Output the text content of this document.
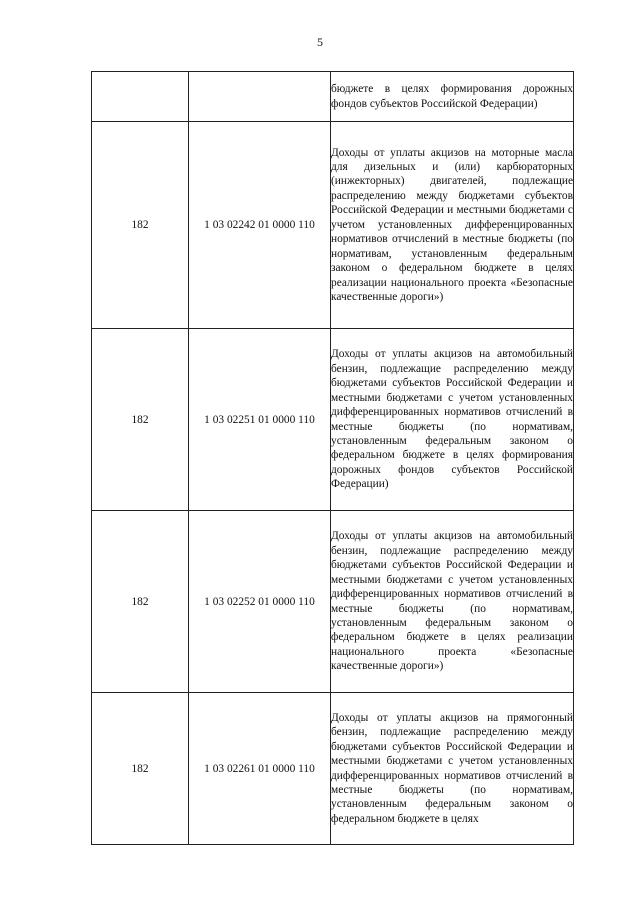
5
		бюджете в целях формирования дорожных фондов субъектов Российской Федерации)
182	1 03 02242 01 0000 110	Доходы от уплаты акцизов на моторные масла для дизельных и (или) карбюраторных (инжекторных) двигателей, подлежащие распределению между бюджетами субъектов Российской Федерации и местными бюджетами с учетом установленных дифференцированных нормативов отчислений в местные бюджеты (по нормативам, установленным федеральным законом о федеральном бюджете в целях реализации национального проекта «Безопасные качественные дороги»)
182	1 03 02251 01 0000 110	Доходы от уплаты акцизов на автомобильный бензин, подлежащие распределению между бюджетами субъектов Российской Федерации и местными бюджетами с учетом установленных дифференцированных нормативов отчислений в местные бюджеты (по нормативам, установленным федеральным законом о федеральном бюджете в целях формирования дорожных фондов субъектов Российской Федерации)
182	1 03 02252 01 0000 110	Доходы от уплаты акцизов на автомобильный бензин, подлежащие распределению между бюджетами субъектов Российской Федерации и местными бюджетами с учетом установленных дифференцированных нормативов отчислений в местные бюджеты (по нормативам, установленным федеральным законом о федеральном бюджете в целях реализации национального проекта «Безопасные качественные дороги»)
182	1 03 02261 01 0000 110	Доходы от уплаты акцизов на прямогонный бензин, подлежащие распределению между бюджетами субъектов Российской Федерации и местными бюджетами с учетом установленных дифференцированных нормативов отчислений в местные бюджеты (по нормативам, установленным федеральным законом о федеральном бюджете в целях
